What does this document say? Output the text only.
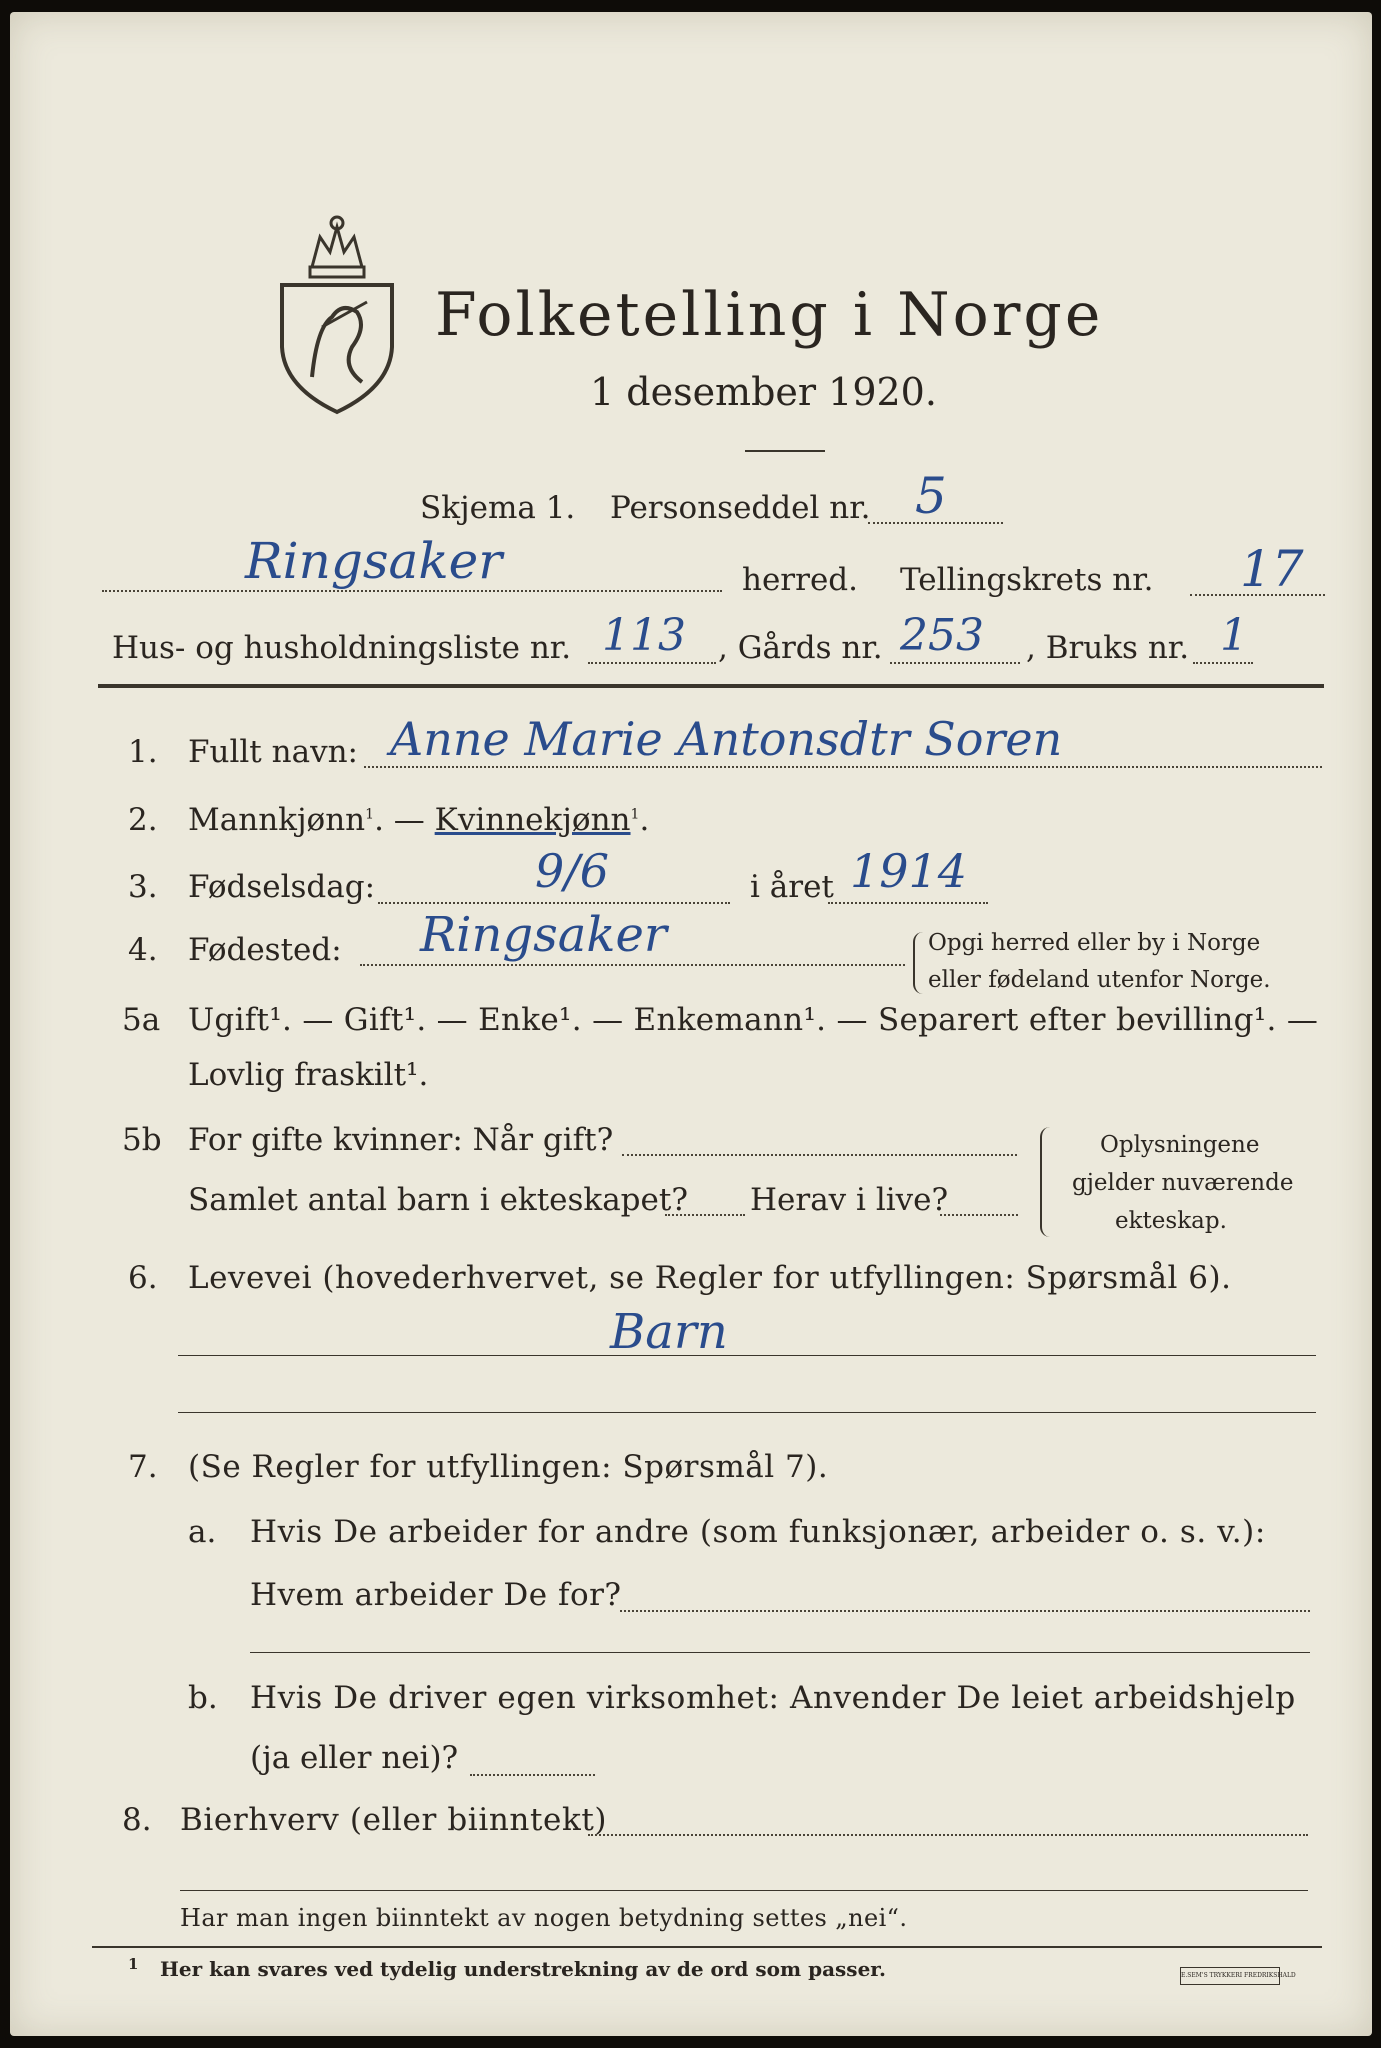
Folketelling i Norge
1 desember 1920.
Skjema 1. Personseddel nr. 5
Ringsaker	herred. Tellingskrets nr. 17
Hus- og husholdningsliste nr. 113 , Gårds nr. 253 , Bruks nr. 1
1. Fullt navn: Anne Marie Antonsdtr Soren
2. Mannkjønn$^1$. — Kvinnekjønn$^1$.
3. Fødselsdag:	9/6	i året 1914
4. Fødested: Ringsaker	Opgi herred eller by i Norge
eller fødeland utenfor Norge.
5a Ugift¹. — Gift¹. — Enke¹. — Enkemann¹. — Separert efter bevilling¹. —
Lovlig fraskilt¹.
5b For gifte kvinner: Når gift?
Samlet antal barn i ekteskapet? Herav i live?
Oplysningene
gjelder nuværende
ekteskap.
6. Levevei (hovederhvervet, se Regler for utfyllingen: Spørsmål 6).
Barn
7. (Se Regler for utfyllingen: Spørsmål 7).
a. Hvis De arbeider for andre (som funksjonær, arbeider o. s. v.):
Hvem arbeider De for?
b. Hvis De driver egen virksomhet: Anvender De leiet arbeidshjelp
(ja eller nei)?
8. Bierhverv (eller biinntekt)
Har man ingen biinntekt av nogen betydning settes „nei“.
1 Her kan svares ved tydelig understrekning av de ord som passer.	E.SEM'S TRYKKERI FREDRIKSHALD
